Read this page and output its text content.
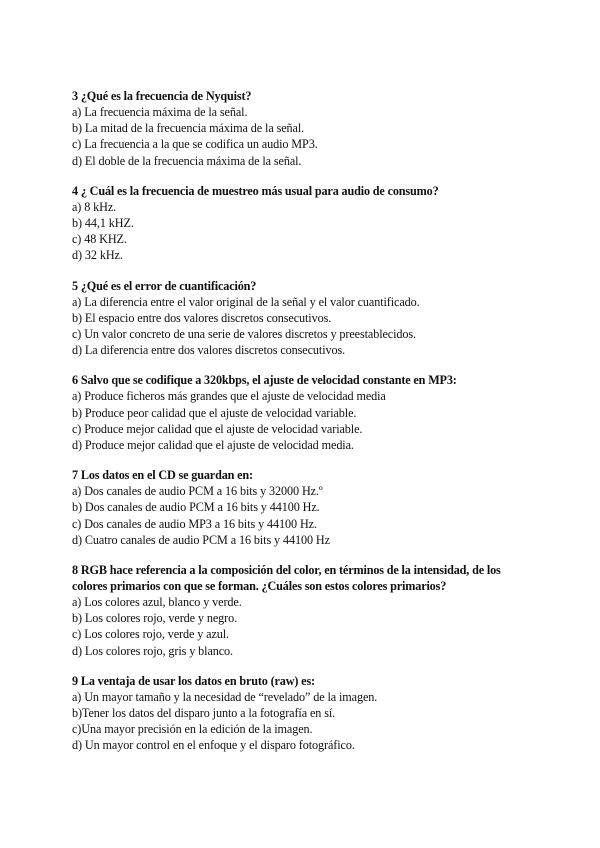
3 ¿Qué es la frecuencia de Nyquist?

a) La frecuencia máxima de la señal.

b) La mitad de la frecuencia máxima de la señal.

c) La frecuencia a la que se codifica un audio MP3.

d) El doble de la frecuencia máxima de la señal.

4 ¿ Cuál es la frecuencia de muestreo más usual para audio de consumo?

a) 8 kHz.

b) 44,1 kHZ.

c) 48 KHZ.

d) 32 kHz.

5 ¿Qué es el error de cuantificación?

a) La diferencia entre el valor original de la señal y el valor cuantificado.

b) El espacio entre dos valores discretos consecutivos.

c) Un valor concreto de una serie de valores discretos y preestablecidos.

d) La diferencia entre dos valores discretos consecutivos.

6 Salvo que se codifique a 320kbps, el ajuste de velocidad constante en MP3:

a) Produce ficheros más grandes que el ajuste de velocidad media

b) Produce peor calidad que el ajuste de velocidad variable.

c) Produce mejor calidad que el ajuste de velocidad variable.

d) Produce mejor calidad que el ajuste de velocidad media.

7 Los datos en el CD se guardan en:

a) Dos canales de audio PCM a 16 bits y 32000 Hz.º

b) Dos canales de audio PCM a 16 bits y 44100 Hz.

c) Dos canales de audio MP3 a 16 bits y 44100 Hz.

d) Cuatro canales de audio PCM a 16 bits y 44100 Hz

8 RGB hace referencia a la composición del color, en términos de la intensidad, de los colores primarios con que se forman. ¿Cuáles son estos colores primarios?

a) Los colores azul, blanco y verde.

b) Los colores rojo, verde y negro.

c) Los colores rojo, verde y azul.

d) Los colores rojo, gris y blanco.

9 La ventaja de usar los datos en bruto (raw) es:

a) Un mayor tamaño y la necesidad de “revelado” de la imagen.

b)Tener los datos del disparo junto a la fotografía en sí.

c)Una mayor precisión en la edición de la imagen.

d) Un mayor control en el enfoque y el disparo fotográfico.
